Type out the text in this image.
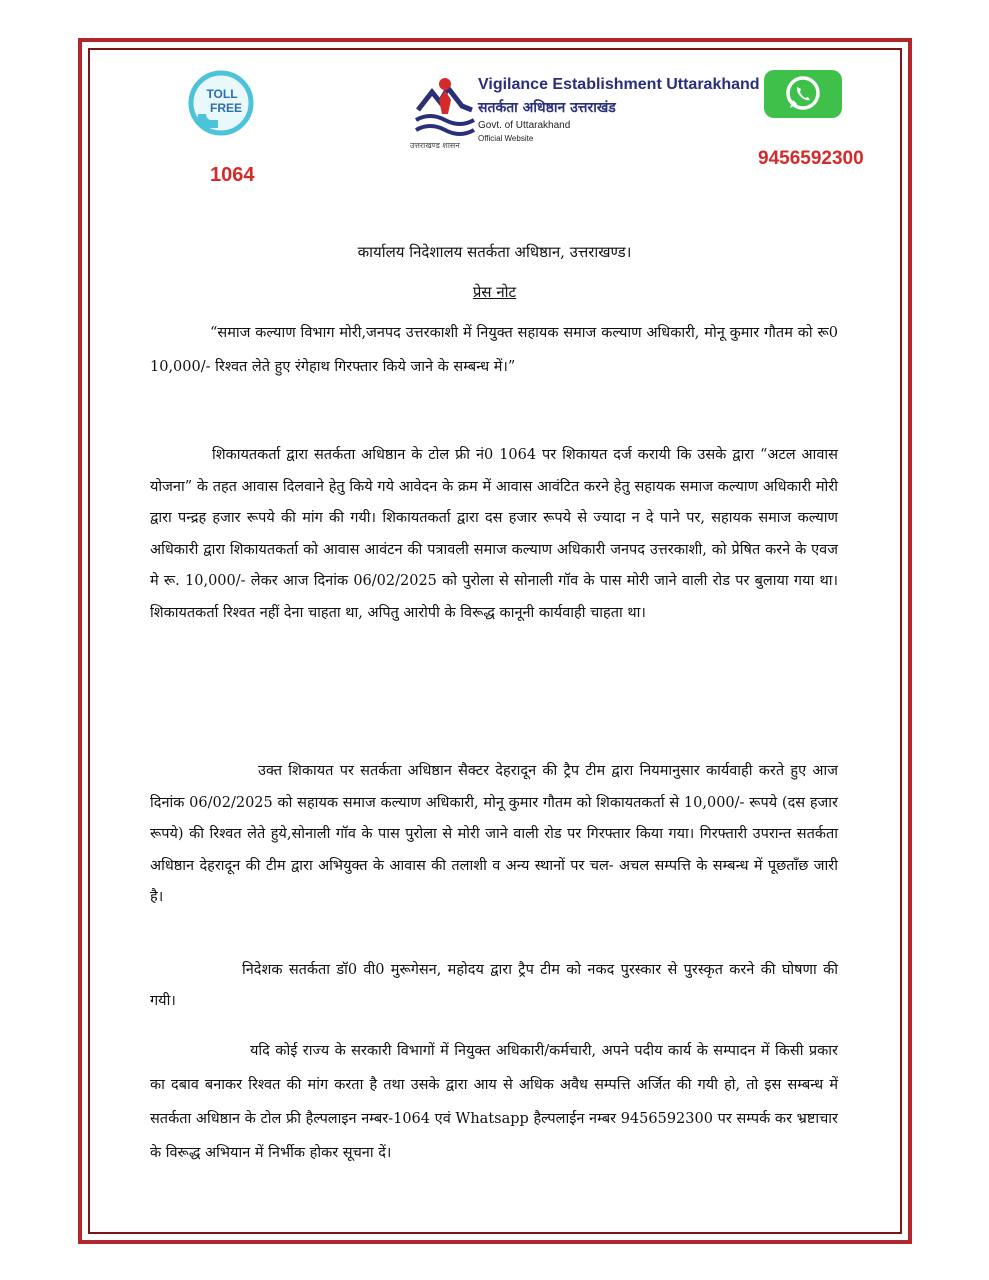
TOLL
FREE
1064
उत्तराखण्ड शासन
Vigilance Establishment Uttarakhand
सतर्कता अधिष्ठान उत्तराखंड
Govt. of Uttarakhand
Official Website
9456592300
कार्यालय निदेशालय सतर्कता अधिष्ठान, उत्तराखण्ड।
प्रेस नोट

“समाज कल्याण विभाग मोरी,जनपद उत्तरकाशी में नियुक्त सहायक समाज कल्याण अधिकारी, मोनू कुमार गौतम को रू0 10,000/- रिश्वत लेते हुए रंगेहाथ गिरफ्तार किये जाने के सम्बन्ध में।”

शिकायतकर्ता द्वारा सतर्कता अधिष्ठान के टोल फ्री नं0 1064 पर शिकायत दर्ज करायी कि उसके द्वारा “अटल आवास योजना” के तहत आवास दिलवाने हेतु किये गये आवेदन के क्रम में आवास आवंटित करने हेतु सहायक समाज कल्याण अधिकारी मोरी द्वारा पन्द्रह हजार रूपये की मांग की गयी। शिकायतकर्ता द्वारा दस हजार रूपये से ज्यादा न दे पाने पर, सहायक समाज कल्याण अधिकारी द्वारा शिकायतकर्ता को आवास आवंटन की पत्रावली समाज कल्याण अधिकारी जनपद उत्तरकाशी, को प्रेषित करने के एवज मे रू. 10,000/- लेकर आज दिनांक 06/02/2025 को पुरोला से सोनाली गॉव के पास मोरी जाने वाली रोड पर बुलाया गया था। शिकायतकर्ता रिश्वत नहीं देना चाहता था, अपितु आरोपी के विरूद्ध कानूनी कार्यवाही चाहता था।

उक्त शिकायत पर सतर्कता अधिष्ठान सैक्टर देहरादून की ट्रैप टीम द्वारा नियमानुसार कार्यवाही करते हुए आज दिनांक 06/02/2025 को सहायक समाज कल्याण अधिकारी, मोनू कुमार गौतम को शिकायतकर्ता से 10,000/- रूपये (दस हजार रूपये) की रिश्वत लेते हुये,सोनाली गॉव के पास पुरोला से मोरी जाने वाली रोड पर गिरफ्तार किया गया। गिरफ्तारी उपरान्त सतर्कता अधिष्ठान देहरादून की टीम द्वारा अभियुक्त के आवास की तलाशी व अन्य स्थानों पर चल- अचल सम्पत्ति के सम्बन्ध में पूछताँछ जारी है।

निदेशक सतर्कता डॉ0 वी0 मुरूगेसन, महोदय द्वारा ट्रैप टीम को नकद पुरस्कार से पुरस्कृत करने की घोषणा की गयी।

यदि कोई राज्य के सरकारी विभागों में नियुक्त अधिकारी/कर्मचारी, अपने पदीय कार्य के सम्पादन में किसी प्रकार का दबाव बनाकर रिश्वत की मांग करता है तथा उसके द्वारा आय से अधिक अवैध सम्पत्ति अर्जित की गयी हो, तो इस सम्बन्ध में सतर्कता अधिष्ठान के टोल फ्री हैल्पलाइन नम्बर-1064 एवं Whatsapp हैल्पलाईन नम्बर 9456592300 पर सम्पर्क कर भ्रष्टाचार के विरूद्ध अभियान में निर्भीक होकर सूचना दें।
